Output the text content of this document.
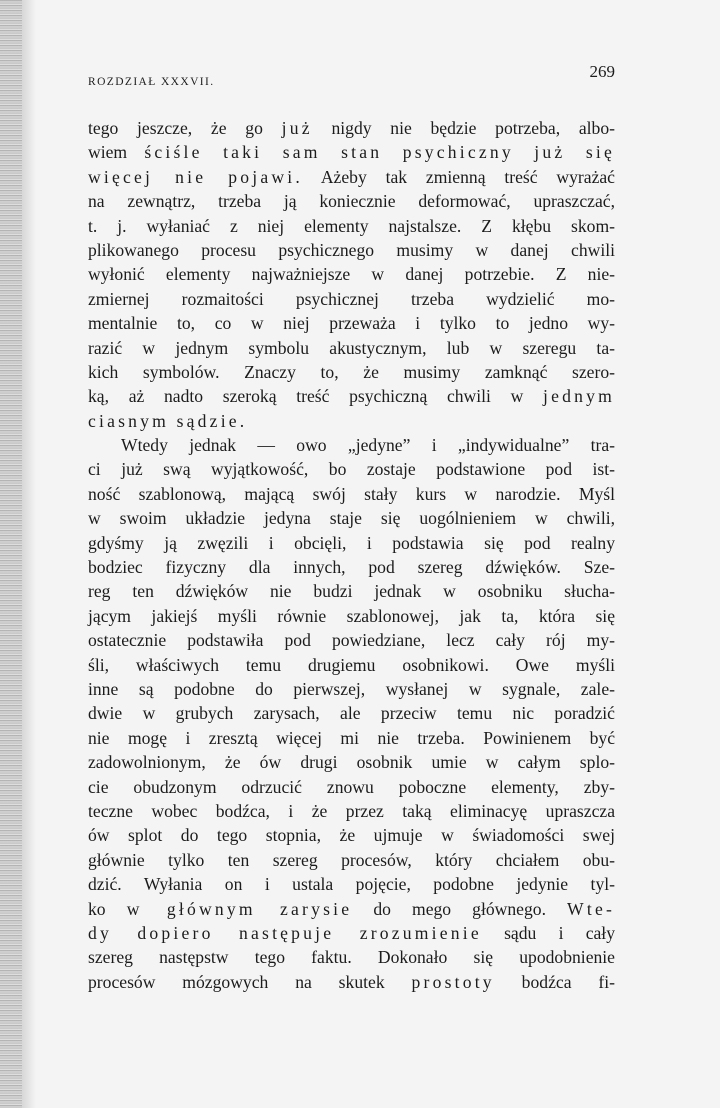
ROZDZIAŁ XXXVII.
269
tego jeszcze, że go już nigdy nie będzie potrzeba, albo-
wiem ściśle taki sam stan psychiczny już się
więcej nie pojawi. Ażeby tak zmienną treść wyrażać
na zewnątrz, trzeba ją koniecznie deformować, upraszczać,
t. j. wyłaniać z niej elementy najstalsze. Z kłębu skom-
plikowanego procesu psychicznego musimy w danej chwili
wyłonić elementy najważniejsze w danej potrzebie. Z nie-
zmiernej rozmaitości psychicznej trzeba wydzielić mo-
mentalnie to, co w niej przeważa i tylko to jedno wy-
razić w jednym symbolu akustycznym, lub w szeregu ta-
kich symbolów. Znaczy to, że musimy zamknąć szero-
ką, aż nadto szeroką treść psychiczną chwili w jednym
ciasnym sądzie.
Wtedy jednak — owo „jedyne” i „indywidualne” tra-
ci już swą wyjątkowość, bo zostaje podstawione pod ist-
ność szablonową, mającą swój stały kurs w narodzie. Myśl
w swoim układzie jedyna staje się uogólnieniem w chwili,
gdyśmy ją zwęzili i obcięli, i podstawia się pod realny
bodziec fizyczny dla innych, pod szereg dźwięków. Sze-
reg ten dźwięków nie budzi jednak w osobniku słucha-
jącym jakiejś myśli równie szablonowej, jak ta, która się
ostatecznie podstawiła pod powiedziane, lecz cały rój my-
śli, właściwych temu drugiemu osobnikowi. Owe myśli
inne są podobne do pierwszej, wysłanej w sygnale, zale-
dwie w grubych zarysach, ale przeciw temu nic poradzić
nie mogę i zresztą więcej mi nie trzeba. Powinienem być
zadowolnionym, że ów drugi osobnik umie w całym splo-
cie obudzonym odrzucić znowu poboczne elementy, zby-
teczne wobec bodźca, i że przez taką eliminacyę upraszcza
ów splot do tego stopnia, że ujmuje w świadomości swej
głównie tylko ten szereg procesów, który chciałem obu-
dzić. Wyłania on i ustala pojęcie, podobne jedynie tyl-
ko w głównym zarysie do mego głównego. Wte-
dy dopiero następuje zrozumienie sądu i cały
szereg następstw tego faktu. Dokonało się upodobnienie
procesów mózgowych na skutek prostoty bodźca fi-
